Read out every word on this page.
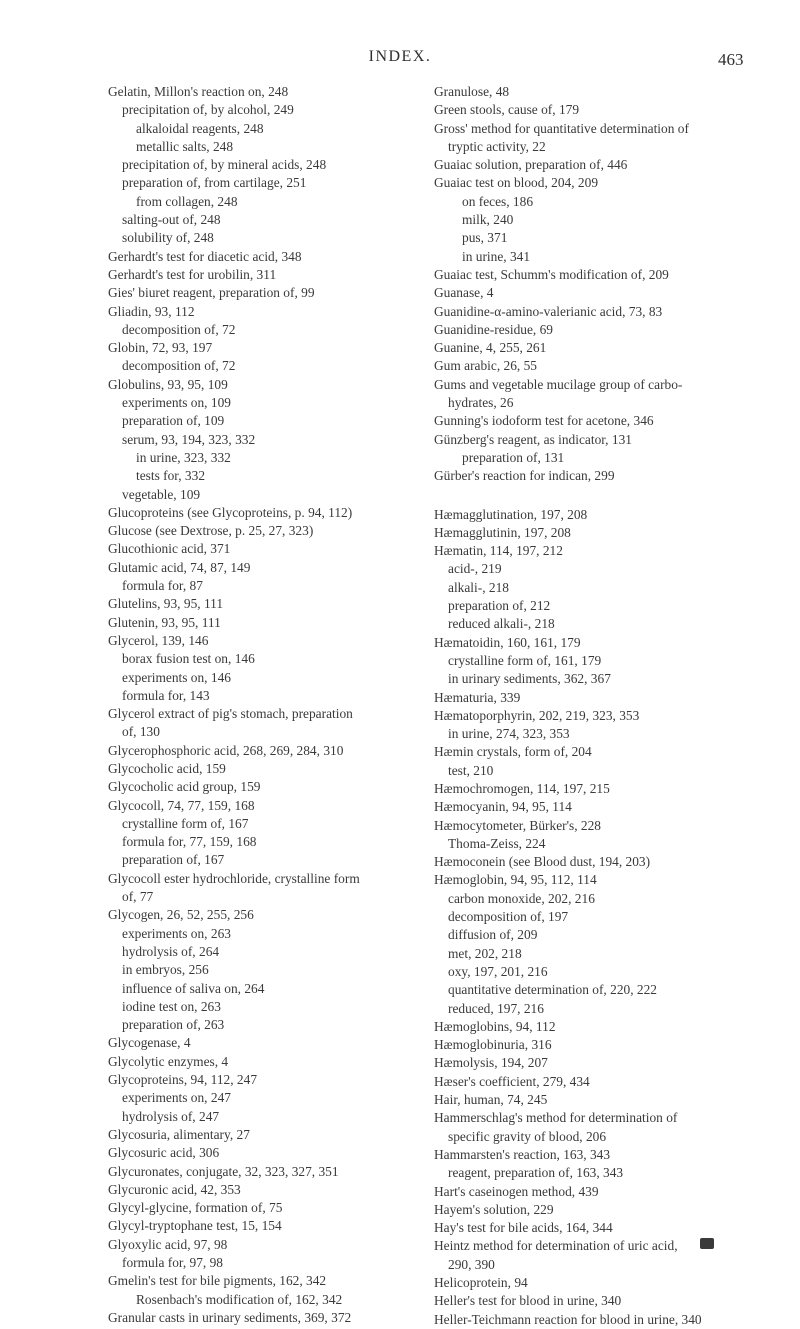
INDEX.	463
Gelatin, Millon's reaction on, 248
precipitation of, by alcohol, 249
alkaloidal reagents, 248
metallic salts, 248
precipitation of, by mineral acids, 248
preparation of, from cartilage, 251
from collagen, 248
salting-out of, 248
solubility of, 248
Gerhardt's test for diacetic acid, 348
Gerhardt's test for urobilin, 311
Gies' biuret reagent, preparation of, 99
Gliadin, 93, 112
decomposition of, 72
Globin, 72, 93, 197
decomposition of, 72
Globulins, 93, 95, 109
experiments on, 109
preparation of, 109
serum, 93, 194, 323, 332
in urine, 323, 332
tests for, 332
vegetable, 109
Glucoproteins (see Glycoproteins, p. 94, 112)
Glucose (see Dextrose, p. 25, 27, 323)
Glucothionic acid, 371
Glutamic acid, 74, 87, 149
formula for, 87
Glutelins, 93, 95, 111
Glutenin, 93, 95, 111
Glycerol, 139, 146
borax fusion test on, 146
experiments on, 146
formula for, 143
Glycerol extract of pig's stomach, preparation
of, 130
Glycerophosphoric acid, 268, 269, 284, 310
Glycocholic acid, 159
Glycocholic acid group, 159
Glycocoll, 74, 77, 159, 168
crystalline form of, 167
formula for, 77, 159, 168
preparation of, 167
Glycocoll ester hydrochloride, crystalline form
of, 77
Glycogen, 26, 52, 255, 256
experiments on, 263
hydrolysis of, 264
in embryos, 256
influence of saliva on, 264
iodine test on, 263
preparation of, 263
Glycogenase, 4
Glycolytic enzymes, 4
Glycoproteins, 94, 112, 247
experiments on, 247
hydrolysis of, 247
Glycosuria, alimentary, 27
Glycosuric acid, 306
Glycuronates, conjugate, 32, 323, 327, 351
Glycuronic acid, 42, 353
Glycyl-glycine, formation of, 75
Glycyl-tryptophane test, 15, 154
Glyoxylic acid, 97, 98
formula for, 97, 98
Gmelin's test for bile pigments, 162, 342
Rosenbach's modification of, 162, 342
Granular casts in urinary sediments, 369, 372
Granulose, 48
Green stools, cause of, 179
Gross' method for quantitative determination of
tryptic activity, 22
Guaiac solution, preparation of, 446
Guaiac test on blood, 204, 209
on feces, 186
milk, 240
pus, 371
in urine, 341
Guaiac test, Schumm's modification of, 209
Guanase, 4
Guanidine-α-amino-valerianic acid, 73, 83
Guanidine-residue, 69
Guanine, 4, 255, 261
Gum arabic, 26, 55
Gums and vegetable mucilage group of carbo-
hydrates, 26
Gunning's iodoform test for acetone, 346
Günzberg's reagent, as indicator, 131
preparation of, 131
Gürber's reaction for indican, 299
Hæmagglutination, 197, 208
Hæmagglutinin, 197, 208
Hæmatin, 114, 197, 212
acid-, 219
alkali-, 218
preparation of, 212
reduced alkali-, 218
Hæmatoidin, 160, 161, 179
crystalline form of, 161, 179
in urinary sediments, 362, 367
Hæmaturia, 339
Hæmatoporphyrin, 202, 219, 323, 353
in urine, 274, 323, 353
Hæmin crystals, form of, 204
test, 210
Hæmochromogen, 114, 197, 215
Hæmocyanin, 94, 95, 114
Hæmocytometer, Bürker's, 228
Thoma-Zeiss, 224
Hæmoconein (see Blood dust, 194, 203)
Hæmoglobin, 94, 95, 112, 114
carbon monoxide, 202, 216
decomposition of, 197
diffusion of, 209
met, 202, 218
oxy, 197, 201, 216
quantitative determination of, 220, 222
reduced, 197, 216
Hæmoglobins, 94, 112
Hæmoglobinuria, 316
Hæmolysis, 194, 207
Hæser's coefficient, 279, 434
Hair, human, 74, 245
Hammerschlag's method for determination of
specific gravity of blood, 206
Hammarsten's reaction, 163, 343
reagent, preparation of, 163, 343
Hart's caseinogen method, 439
Hayem's solution, 229
Hay's test for bile acids, 164, 344
Heintz method for determination of uric acid,
290, 390
Helicoprotein, 94
Heller's test for blood in urine, 340
Heller-Teichmann reaction for blood in urine, 340
